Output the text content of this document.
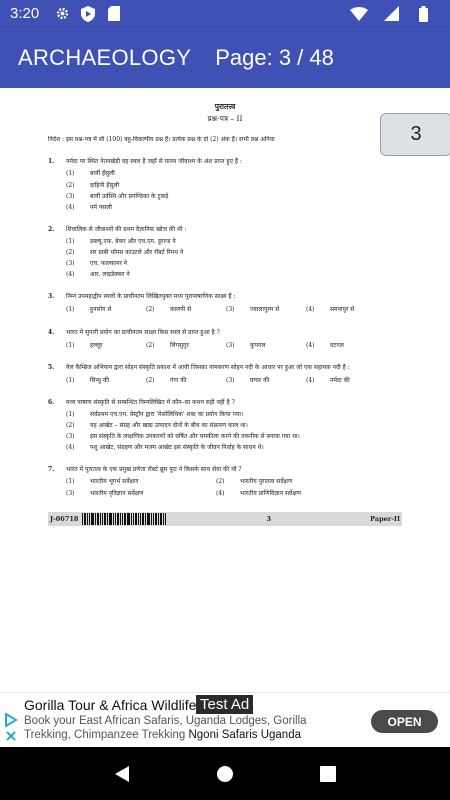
3:20
ARCHAEOLOGY Page: 3 / 48
पुरातत्त्व
प्रश्न-पत्र – II
निर्देश : इस प्रश्न-पत्र में सौ (100) बहु-विकल्पीय प्रश्न हैं। प्रत्येक प्रश्न के दो (2) अंक हैं। सभी प्रश्न अनिवा
1.	नर्मदा पर स्थित नेतनखेड़ी वह स्थल है जहाँ से मानव जीवाश्म के अंश प्राप्त हुए हैं :
(1)	बायीं हँसुली
(2)	दाहिनी हँसुली
(3)	बायीं उर्वस्थि और प्रगण्डिका के टुकड़े
(4)	नर्म पसली
2.	शिवालिक से जीवाश्मों की प्रथम वैज्ञानिक खोज की थी :
(1)	डब्ल्यू.एफ़. बेकर और एच.एम. डूरान्ड ने
(2)	सर प्राबी थॉमस काउटले और रॉबर्ट रिमथ ने
(3)	एच. फाल्कानर ने
(4)	आर. लाइडेक्कर ने
3.	निम्न उपमहाद्वीप स्थलों के प्राचीनतम लिखितयुक्त मध्य पुरापाषाणिक साक्ष्य हैं :
(1)	हुनसोग से	(2)	कालपी से	(3)	ज्वालापुरम से	(4)	समनापुर से
4.	भारत में सुपारी प्रयोग का प्राचीनतम साक्ष्य किस स्थल से प्राप्त हुआ है ?
(1)	हल्लूर	(2)	लिंगसुगुर	(3)	कुपगल	(4)	वटगल
5.	येल कैम्ब्रिज अभियान द्वारा सोहन संस्कृति प्रकाश में आयी जिसका नामकरण सोहन नदी के आधार पर हुआ जो एक सहायक नदी है :
(1)	सिन्धु की	(2)	गंगा की	(3)	घग्घर की	(4)	नर्मदा की
6.	मध्य पाषाण संस्कृति से सम्बन्धित निम्नलिखित में कौन–सा कथन सही नहीं है ?
(1)	सर्वप्रथम एच.एम. वेस्ट्रॉप द्वारा 'मेसोलिथिक' शब्द का प्रयोग किया गया।
(2)	यह आखेट – संग्रह और खाद्य उत्पादन दोनों के बीच का संक्रमण काल था।
(3)	इस संस्कृति के लाक्षणिक उपकरणों को घर्षित और चमकीला करने की तकनीक से बनाया गया था।
(4)	पशु आखेट, संग्रहण और मत्स्य आखेट इस संस्कृति के जीवन निर्वाह के साधन थे।
7.	भारत में पुरातत्व के एक प्रमुख प्रणेता रॉबर्ट ब्रूस फुट ने किसके साथ सेवा की थी ?
(1)	भारतीय भूगर्भ सर्वेक्षण	(2)	भारतीय पुरातत्व सर्वेक्षण
(3)	भारतीय नृविज्ञान सर्वेक्षण	(4)	भारतीय प्राणिविज्ञान सर्वेक्षण
J-06718	3	Paper-II
3
Gorilla Tour & Africa Wildlife Test Ad
Book your East African Safaris, Uganda Lodges, Gorilla Trekking, Chimpanzee Trekking Ngoni Safaris Uganda
OPEN
